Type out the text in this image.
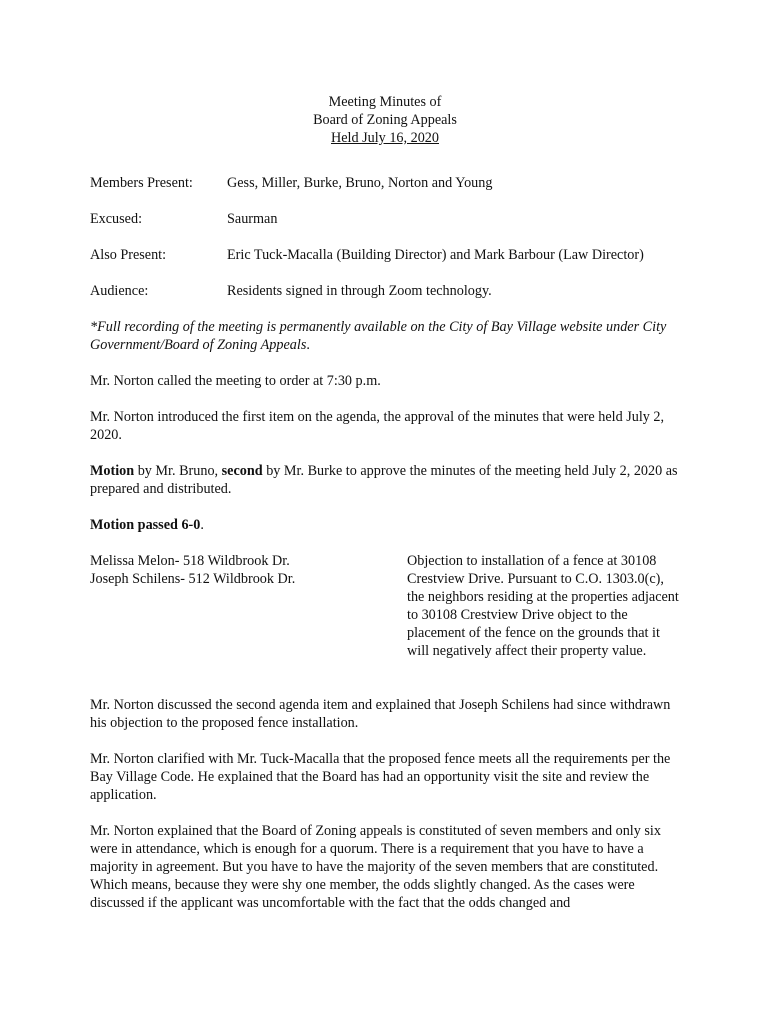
Meeting Minutes of
Board of Zoning Appeals
Held July 16, 2020
Members Present:	Gess, Miller, Burke, Bruno, Norton and Young
Excused:	Saurman
Also Present:	Eric Tuck-Macalla (Building Director) and Mark Barbour (Law Director)
Audience:	Residents signed in through Zoom technology.

*Full recording of the meeting is permanently available on the City of Bay Village website under City Government/Board of Zoning Appeals.

Mr. Norton called the meeting to order at 7:30 p.m.

Mr. Norton introduced the first item on the agenda, the approval of the minutes that were held July 2, 2020.

Motion by Mr. Bruno, second by Mr. Burke to approve the minutes of the meeting held July 2, 2020 as prepared and distributed.

Motion passed 6-0.

Melissa Melon- 518 Wildbrook Dr.
Joseph Schilens- 512 Wildbrook Dr.
Objection to installation of a fence at 30108 Crestview Drive. Pursuant to C.O. 1303.0(c), the neighbors residing at the properties adjacent to 30108 Crestview Drive object to the placement of the fence on the grounds that it will negatively affect their property value.

Mr. Norton discussed the second agenda item and explained that Joseph Schilens had since withdrawn his objection to the proposed fence installation.

Mr. Norton clarified with Mr. Tuck-Macalla that the proposed fence meets all the requirements per the Bay Village Code. He explained that the Board has had an opportunity visit the site and review the application.

Mr. Norton explained that the Board of Zoning appeals is constituted of seven members and only six were in attendance, which is enough for a quorum. There is a requirement that you have to have a majority in agreement. But you have to have the majority of the seven members that are constituted. Which means, because they were shy one member, the odds slightly changed. As the cases were discussed if the applicant was uncomfortable with the fact that the odds changed and
